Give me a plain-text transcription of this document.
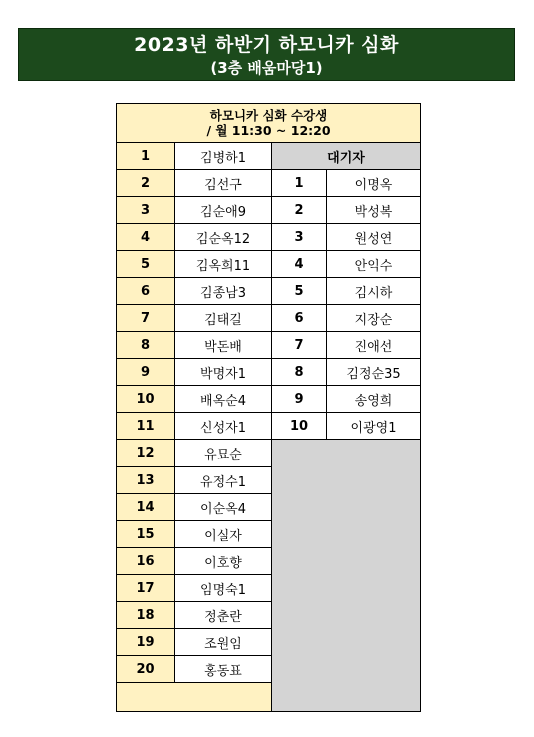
2023년 하반기 하모니카 심화
(3층 배움마당1)
하모니카 심화 수강생
/ 월 11:30 ~ 12:20			

1	김병하1	대기자	
2	김선구	1	이명옥
3	김순애9	2	박성복
4	김순옥12	3	원성연
5	김옥희11	4	안익수
6	김종남3	5	김시하
7	김태길	6	지장순
8	박돈배	7	진애선
9	박명자1	8	김정순35
10	배옥순4	9	송영희
11	신성자1	10	이광영1
12	유묘순		
13	유정수1		
14	이순옥4		
15	이실자		
16	이호향		
17	임명숙1		
18	정춘란		
19	조원임		
20	홍동표		
